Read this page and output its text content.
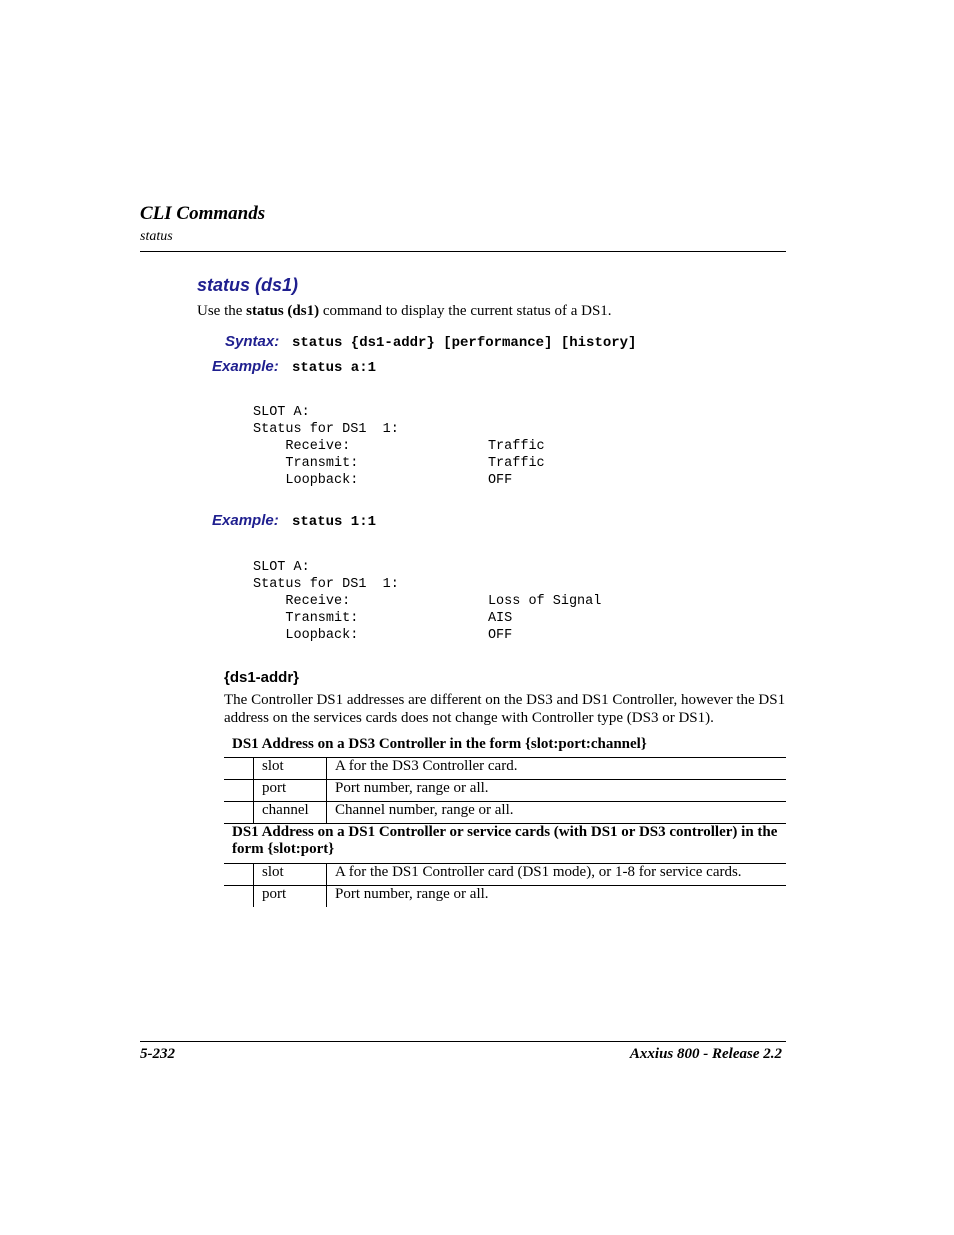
CLI Commands
status
status (ds1)
Use the status (ds1) command to display the current status of a DS1.
Syntax: status {ds1-addr} [performance] [history]
Example: status a:1
SLOT A:
Status for DS1  1:
Receive:                 Traffic
Transmit:                Traffic
Loopback:                OFF
Example: status 1:1
SLOT A:
Status for DS1  1:
Receive:                 Loss of Signal
Transmit:                AIS
Loopback:                OFF
{ds1-addr}
The Controller DS1 addresses are different on the DS3 and DS1 Controller, however the DS1 address on the services cards does not change with Controller type (DS3 or DS1).
DS1 Address on a DS3 Controller in the form {slot:port:channel}
	slot	A for the DS3 Controller card.
	port	Port number, range or all.
	channel	Channel number, range or all.
DS1 Address on a DS1 Controller or service cards (with DS1 or DS3 controller) in the form {slot:port}
	slot	A for the DS1 Controller card (DS1 mode), or 1-8 for service cards.
	port	Port number, range or all.
5-232	Axxius 800 - Release 2.2
